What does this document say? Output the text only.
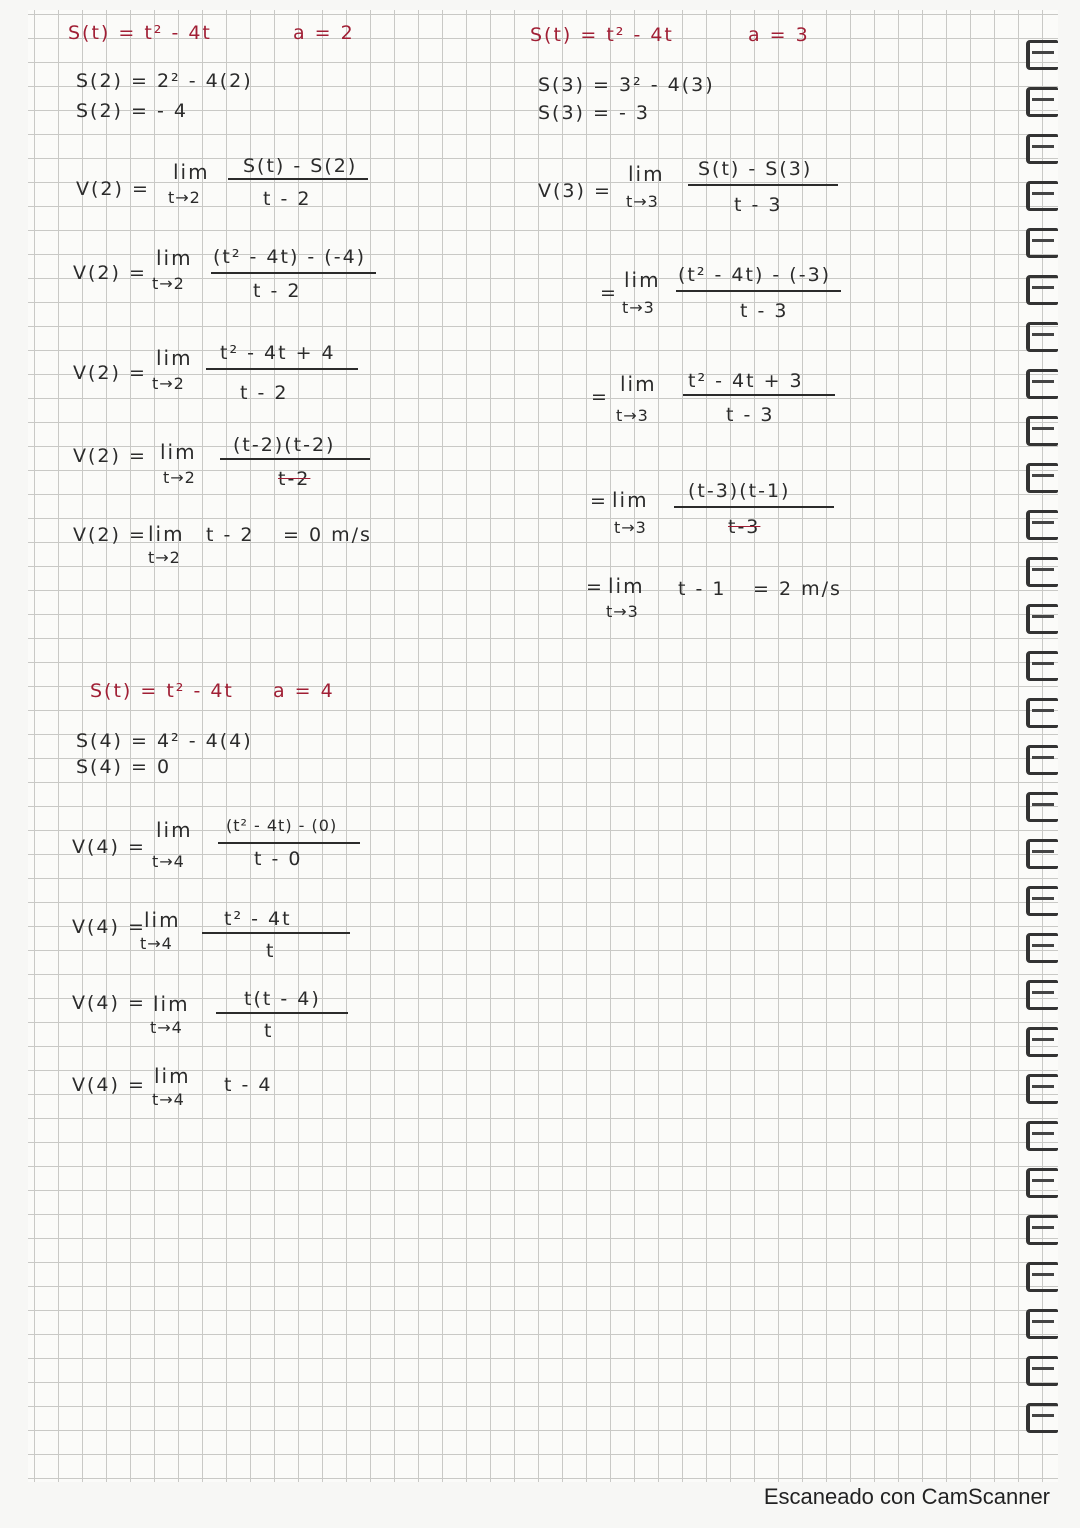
S(t) = t² - 4t	a = 2
S(2) = 2² - 4(2)
S(2) = - 4
V(2) =
lim
t→2
S(t) - S(2)
t - 2
V(2) =
lim
t→2
(t² - 4t) - (-4)
t - 2
V(2) =
lim
t→2
t² - 4t + 4
t - 2
V(2) = lim
t→2
(t-2)(t-2)
t-2
V(2) = lim
t→2
t - 2 = 0 m/s
S(t) = t² - 4t	a = 3
S(3) = 3² - 4(3)
S(3) = - 3
V(3) =
lim
t→3
S(t) - S(3)
t - 3
=
lim
t→3
(t² - 4t) - (-3)
t - 3
=
lim
t→3
t² - 4t + 3
t - 3
= lim
t→3
(t-3)(t-1)
t-3
= lim
t→3
t - 1 = 2 m/s
S(t) = t² - 4t a = 4
S(4) = 4² - 4(4)
S(4) = 0
V(4) =
lim
t→4
(t² - 4t) - (0)
t - 0
V(4) =
lim
t→4
t² - 4t
t
V(4) = lim
t→4
t(t - 4)
t
V(4) = lim
t→4
t - 4
Escaneado con CamScanner
